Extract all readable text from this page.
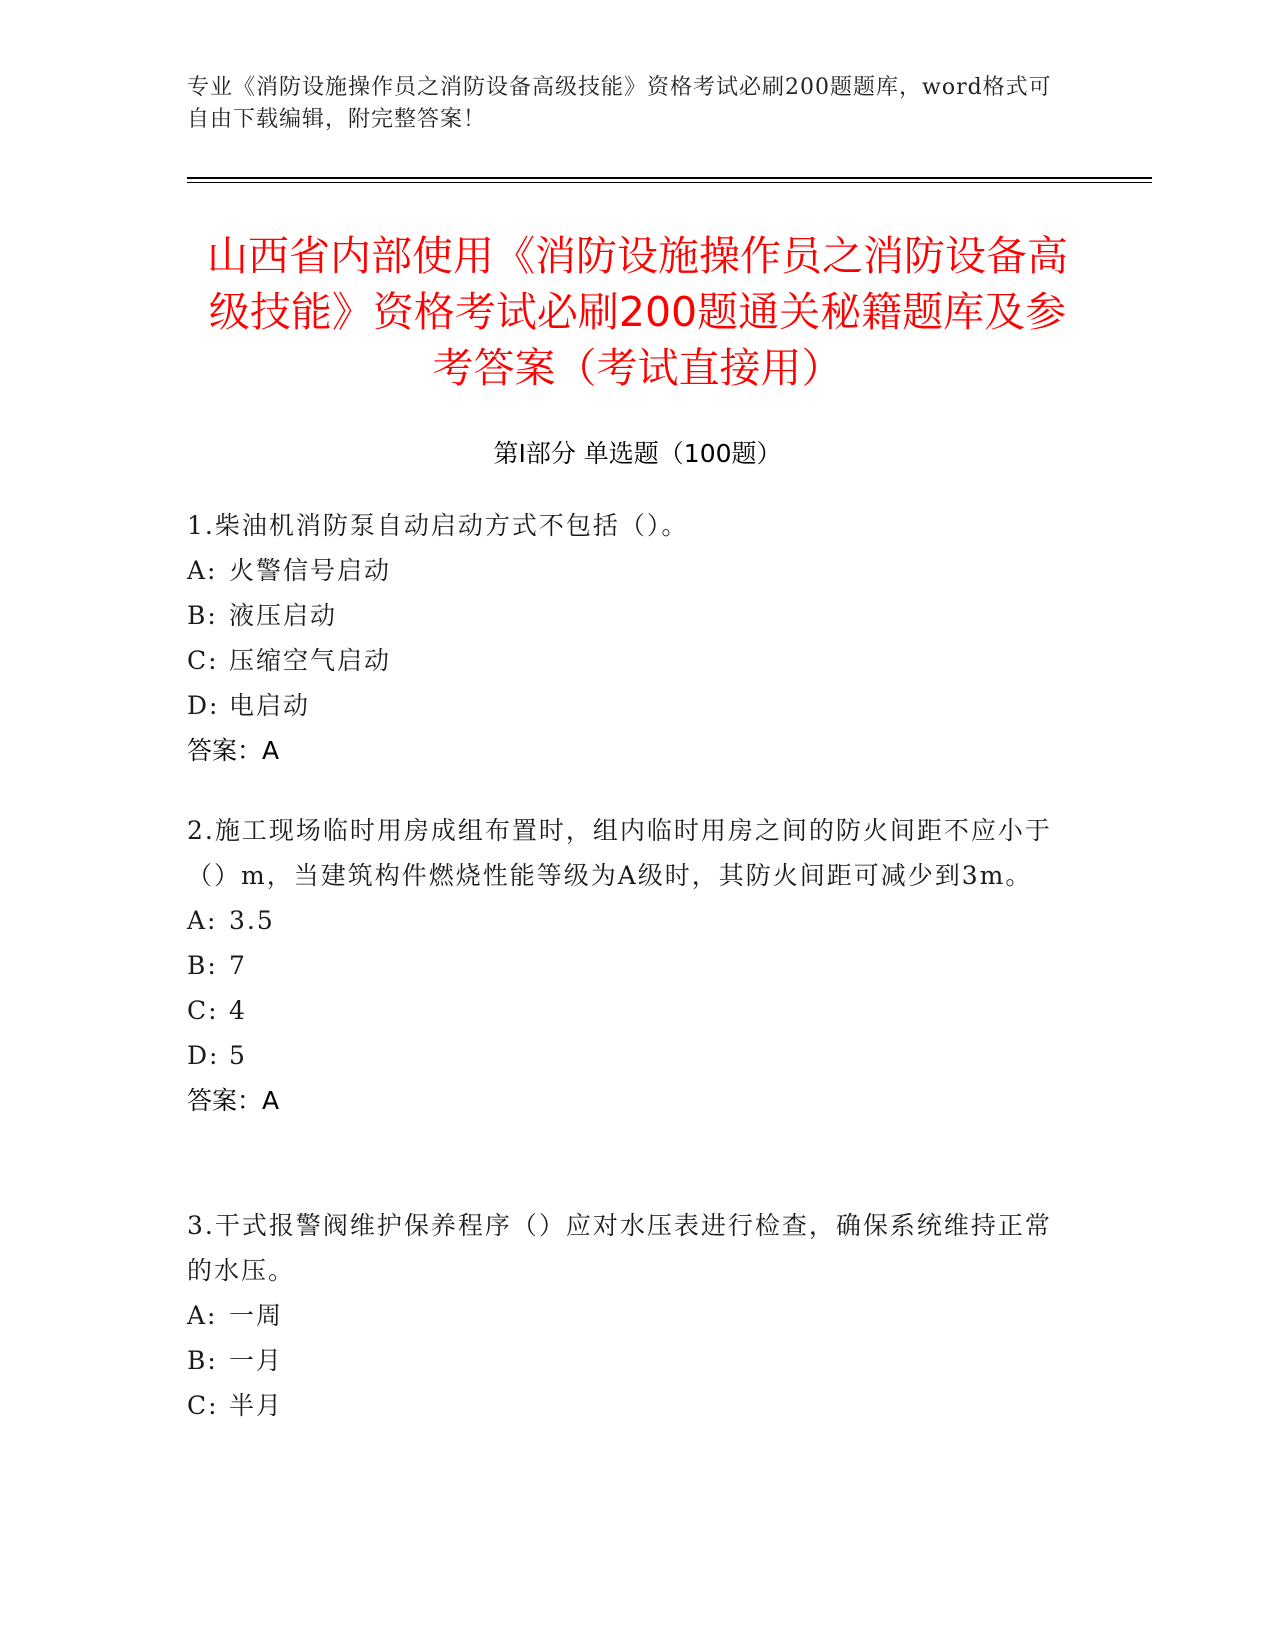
专业《消防设施操作员之消防设备高级技能》资格考试必刷200题题库，word格式可自由下载编辑，附完整答案！
山西省内部使用《消防设施操作员之消防设备高级技能》资格考试必刷200题通关秘籍题库及参考答案（考试直接用）
第I部分 单选题（100题）

1.柴油机消防泵自动启动方式不包括（）。

A: 火警信号启动
B: 液压启动
C: 压缩空气启动
D: 电启动
答案：A

2.施工现场临时用房成组布置时，组内临时用房之间的防火间距不应小于（）m，当建筑构件燃烧性能等级为A级时，其防火间距可减少到3m。

A: 3.5
B: 7
C: 4
D: 5
答案：A

3.干式报警阀维护保养程序（）应对水压表进行检查，确保系统维持正常的水压。

A: 一周
B: 一月
C: 半月
